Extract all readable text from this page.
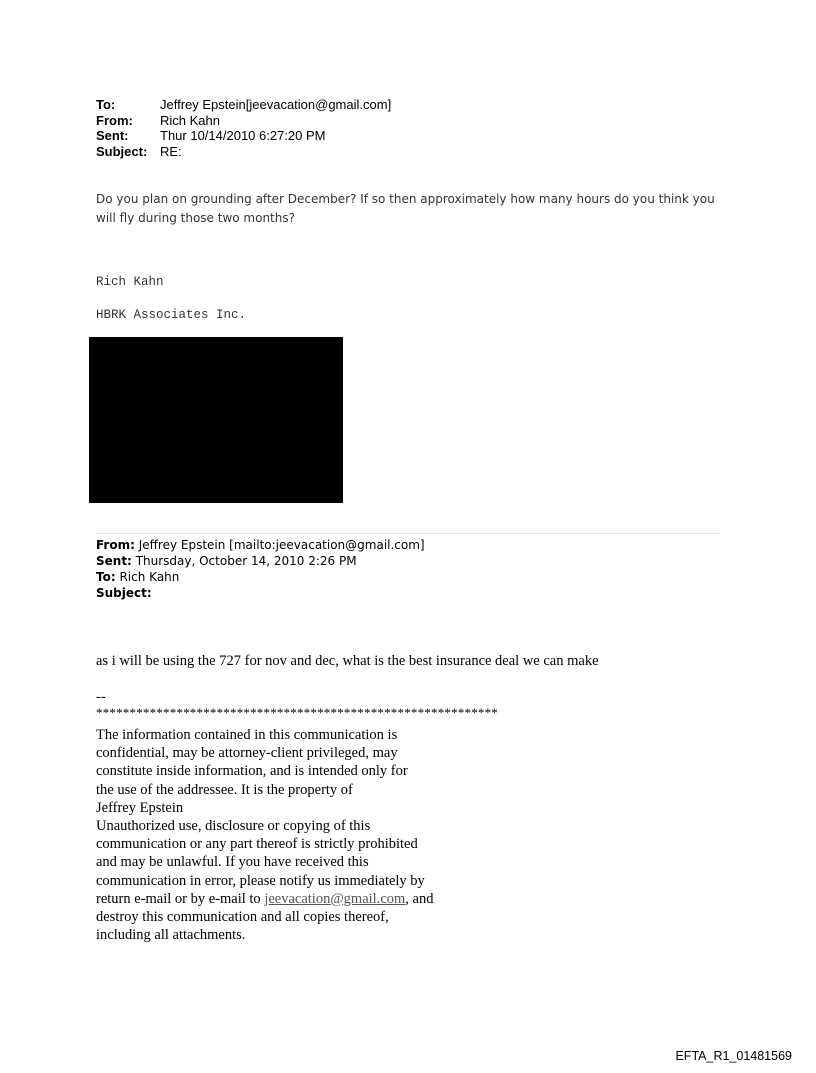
To:	Jeffrey Epstein[jeevacation@gmail.com]
From:	Rich Kahn
Sent:	Thur 10/14/2010 6:27:20 PM
Subject: RE:
Do you plan on grounding after December? If so then approximately how many hours do you think you will fly during those two months?
Rich Kahn
HBRK Associates Inc.
From: Jeffrey Epstein [mailto:jeevacation@gmail.com]
Sent: Thursday, October 14, 2010 2:26 PM
To: Rich Kahn
Subject:
as i will be using the 727 for nov and dec, what is the best insurance deal we can make
--
************************************************************
The information contained in this communication is
confidential, may be attorney-client privileged, may
constitute inside information, and is intended only for
the use of the addressee. It is the property of
Jeffrey Epstein
Unauthorized use, disclosure or copying of this
communication or any part thereof is strictly prohibited
and may be unlawful. If you have received this
communication in error, please notify us immediately by
return e-mail or by e-mail to jeevacation@gmail.com, and
destroy this communication and all copies thereof,
including all attachments.
EFTA_R1_01481569
